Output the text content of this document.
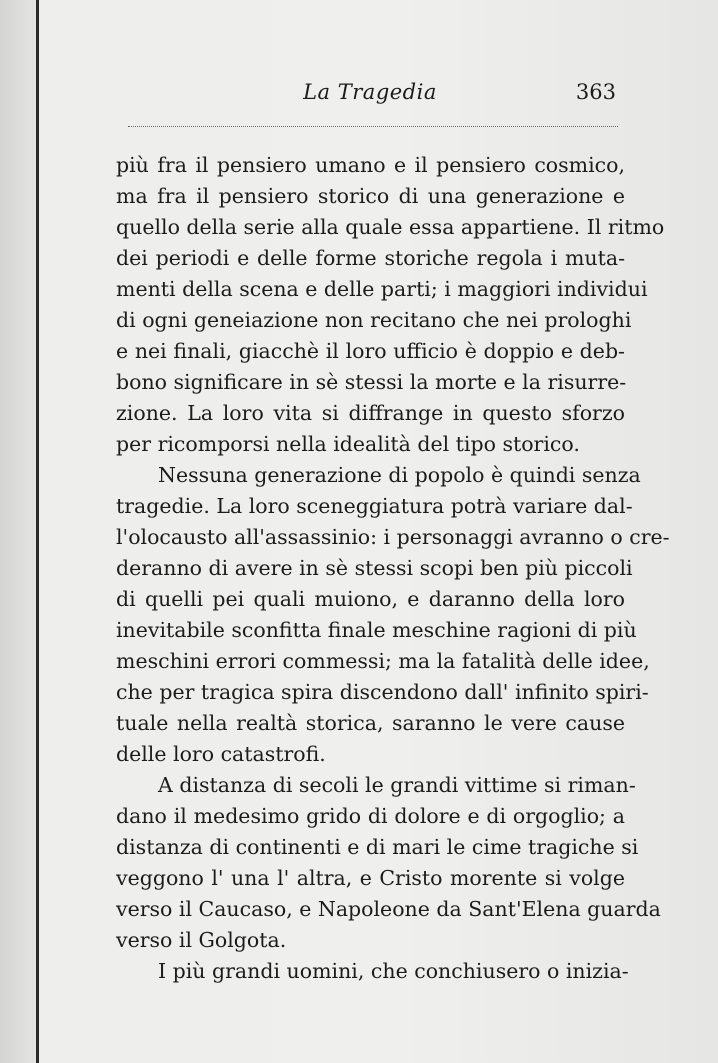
La Tragedia	363
più fra il pensiero umano e il pensiero cosmico,
ma fra il pensiero storico di una generazione e
quello della serie alla quale essa appartiene. Il ritmo
dei periodi e delle forme storiche regola i muta-
menti della scena e delle parti; i maggiori individui
di ogni geneiazione non recitano che nei prologhi
e nei finali, giacchè il loro ufficio è doppio e deb-
bono significare in sè stessi la morte e la risurre-
zione. La loro vita si diffrange in questo sforzo
per ricomporsi nella idealità del tipo storico.
Nessuna generazione di popolo è quindi senza
tragedie. La loro sceneggiatura potrà variare dal-
l'olocausto all'assassinio: i personaggi avranno o cre-
deranno di avere in sè stessi scopi ben più piccoli
di quelli pei quali muiono, e daranno della loro
inevitabile sconfitta finale meschine ragioni di più
meschini errori commessi; ma la fatalità delle idee,
che per tragica spira discendono dall' infinito spiri-
tuale nella realtà storica, saranno le vere cause
delle loro catastrofi.
A distanza di secoli le grandi vittime si riman-
dano il medesimo grido di dolore e di orgoglio; a
distanza di continenti e di mari le cime tragiche si
veggono l' una l' altra, e Cristo morente si volge
verso il Caucaso, e Napoleone da Sant'Elena guarda
verso il Golgota.
I più grandi uomini, che conchiusero o inizia-
